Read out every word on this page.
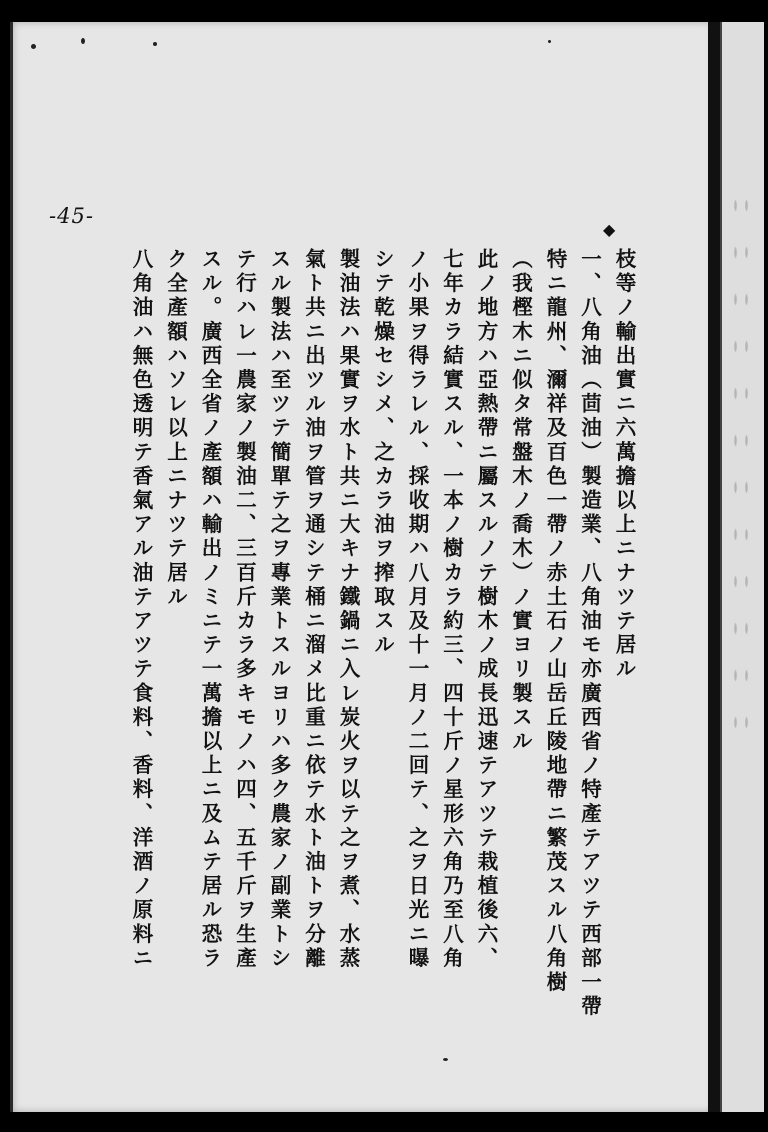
-45-
◆
枝等ノ輸出實ニ六萬擔以上ニナツテ居ル
一、八角油（茴油）製造業、八角油モ亦廣西省ノ特產テアツテ西部一帶
特ニ龍州、濔祥及百色一帶ノ赤土石ノ山岳丘陵地帶ニ繁茂スル八角樹
（我樫木ニ似タ常盤木ノ喬木）ノ實ヨリ製スル
此ノ地方ハ亞熱帶ニ屬スルノテ樹木ノ成長迅速テアツテ栽植後六、
七年カラ結實スル、一本ノ樹カラ約三、四十斤ノ星形六角乃至八角
ノ小果ヲ得ラレル、採收期ハ八月及十一月ノ二回テ、之ヲ日光ニ曝
シテ乾燥セシメ、之カラ油ヲ搾取スル
製油法ハ果實ヲ水ト共ニ大キナ鐵鍋ニ入レ炭火ヲ以テ之ヲ煮、水蒸
氣ト共ニ出ツル油ヲ管ヲ通シテ桶ニ溜メ比重ニ依テ水ト油トヲ分離
スル製法ハ至ツテ簡單テ之ヲ專業トスルヨリハ多ク農家ノ副業トシ
テ行ハレ一農家ノ製油二、三百斤カラ多キモノハ四、五千斤ヲ生產
スル。廣西全省ノ產額ハ輸出ノミニテ一萬擔以上ニ及ムテ居ル恐ラ
ク全產額ハソレ以上ニナツテ居ル
八角油ハ無色透明テ香氣アル油テアツテ食料、香料、洋酒ノ原料ニ
